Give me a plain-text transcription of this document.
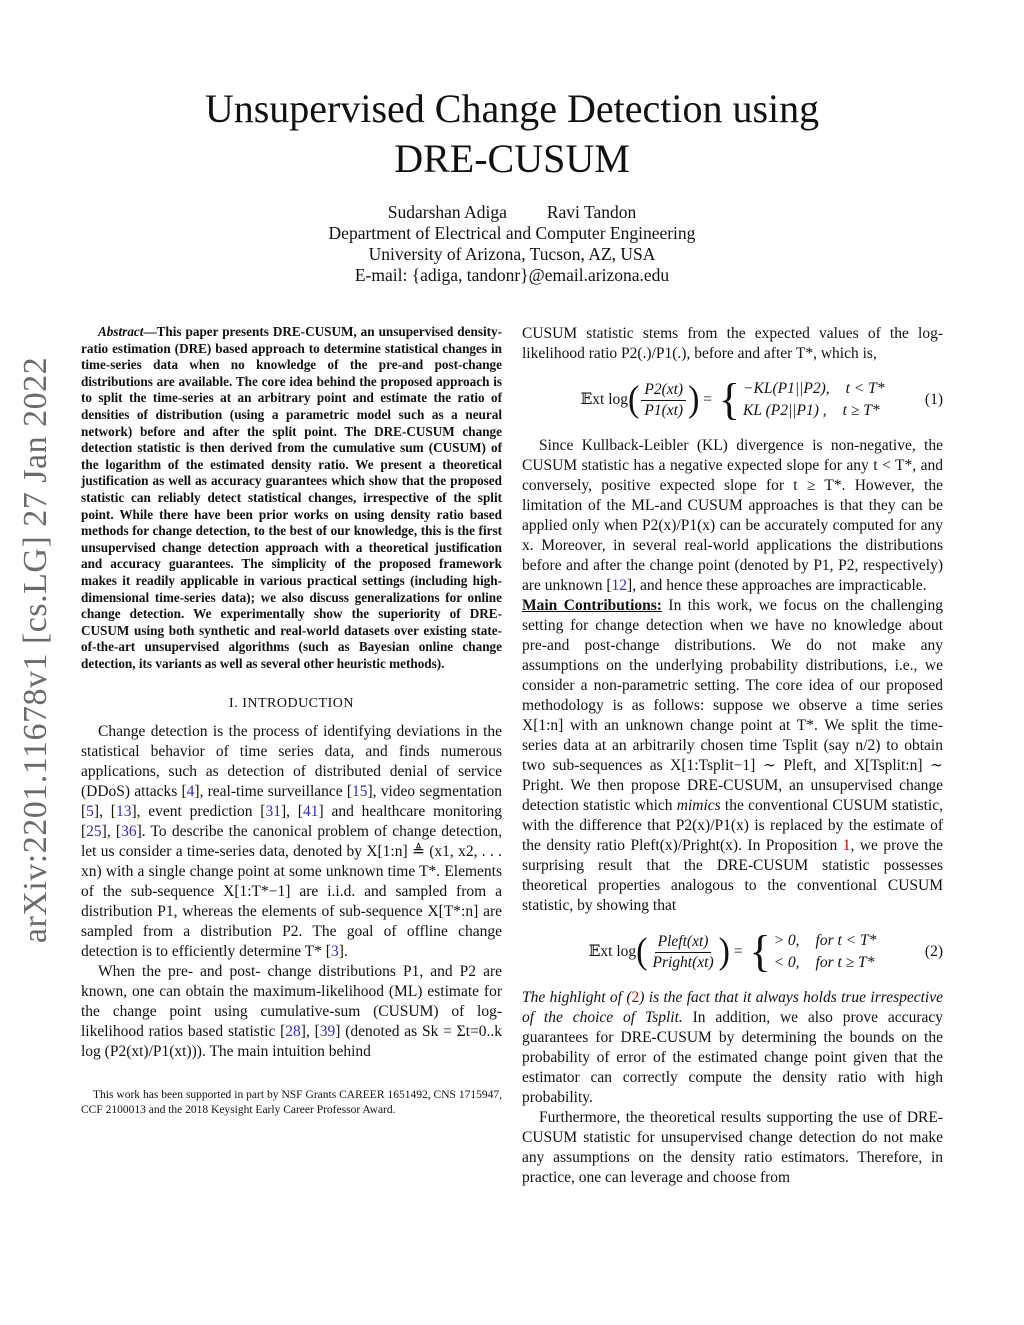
arXiv:2201.11678v1 [cs.LG] 27 Jan 2022
Unsupervised Change Detection using
DRE-CUSUM
Sudarshan Adiga Ravi Tandon
Department of Electrical and Computer Engineering
University of Arizona, Tucson, AZ, USA
E-mail: {adiga, tandonr}@email.arizona.edu

Abstract—This paper presents DRE-CUSUM, an unsupervised density-ratio estimation (DRE) based approach to determine statistical changes in time-series data when no knowledge of the pre-and post-change distributions are available. The core idea behind the proposed approach is to split the time-series at an arbitrary point and estimate the ratio of densities of distribution (using a parametric model such as a neural network) before and after the split point. The DRE-CUSUM change detection statistic is then derived from the cumulative sum (CUSUM) of the logarithm of the estimated density ratio. We present a theoretical justification as well as accuracy guarantees which show that the proposed statistic can reliably detect statistical changes, irrespective of the split point. While there have been prior works on using density ratio based methods for change detection, to the best of our knowledge, this is the first unsupervised change detection approach with a theoretical justification and accuracy guarantees. The simplicity of the proposed framework makes it readily applicable in various practical settings (including high-dimensional time-series data); we also discuss generalizations for online change detection. We experimentally show the superiority of DRE-CUSUM using both synthetic and real-world datasets over existing state-of-the-art unsupervised algorithms (such as Bayesian online change detection, its variants as well as several other heuristic methods).

I. INTRODUCTION

Change detection is the process of identifying deviations in the statistical behavior of time series data, and finds numerous applications, such as detection of distributed denial of service (DDoS) attacks [4], real-time surveillance [15], video segmentation [5], [13], event prediction [31], [41] and healthcare monitoring [25], [36]. To describe the canonical problem of change detection, let us consider a time-series data, denoted by X[1:n] ≜ (x1, x2, . . . xn) with a single change point at some unknown time T*. Elements of the sub-sequence X[1:T*−1] are i.i.d. and sampled from a distribution P1, whereas the elements of sub-sequence X[T*:n] are sampled from a distribution P2. The goal of offline change detection is to efficiently determine T* [3].

When the pre- and post- change distributions P1, and P2 are known, one can obtain the maximum-likelihood (ML) estimate for the change point using cumulative-sum (CUSUM) of log-likelihood ratios based statistic [28], [39] (denoted as Sk = Σt=0..k log (P2(xt)/P1(xt))). The main intuition behind

This work has been supported in part by NSF Grants CAREER 1651492, CNS 1715947, CCF 2100013 and the 2018 Keysight Early Career Professor Award.

CUSUM statistic stems from the expected values of the log-likelihood ratio P2(.)/P1(.), before and after T*, which is,

𝔼xt log ( $\frac{P2(xt)}{P1(xt)}$ ) = { −KL(P1||P2), t < T*
KL (P2||P1) , t ≥ T*
(1)

Since Kullback-Leibler (KL) divergence is non-negative, the CUSUM statistic has a negative expected slope for any t < T*, and conversely, positive expected slope for t ≥ T*. However, the limitation of the ML-and CUSUM approaches is that they can be applied only when P2(x)/P1(x) can be accurately computed for any x. Moreover, in several real-world applications the distributions before and after the change point (denoted by P1, P2, respectively) are unknown [12], and hence these approaches are impracticable.

Main Contributions: In this work, we focus on the challenging setting for change detection when we have no knowledge about pre-and post-change distributions. We do not make any assumptions on the underlying probability distributions, i.e., we consider a non-parametric setting. The core idea of our proposed methodology is as follows: suppose we observe a time series X[1:n] with an unknown change point at T*. We split the time-series data at an arbitrarily chosen time Tsplit (say n/2) to obtain two sub-sequences as X[1:Tsplit−1] ∼ Pleft, and X[Tsplit:n] ∼ Pright. We then propose DRE-CUSUM, an unsupervised change detection statistic which mimics the conventional CUSUM statistic, with the difference that P2(x)/P1(x) is replaced by the estimate of the density ratio Pleft(x)/Pright(x). In Proposition 1, we prove the surprising result that the DRE-CUSUM statistic possesses theoretical properties analogous to the conventional CUSUM statistic, by showing that

𝔼xt log ( $\frac{\text{Pleft(xt)}}{\text{Pright(xt)}}$ ) = { > 0, for t < T*
< 0, for t ≥ T*
(2)

The highlight of (2) is the fact that it always holds true irrespective of the choice of Tsplit. In addition, we also prove accuracy guarantees for DRE-CUSUM by determining the bounds on the probability of error of the estimated change point given that the estimator can correctly compute the density ratio with high probability.

Furthermore, the theoretical results supporting the use of DRE-CUSUM statistic for unsupervised change detection do not make any assumptions on the density ratio estimators. Therefore, in practice, one can leverage and choose from
